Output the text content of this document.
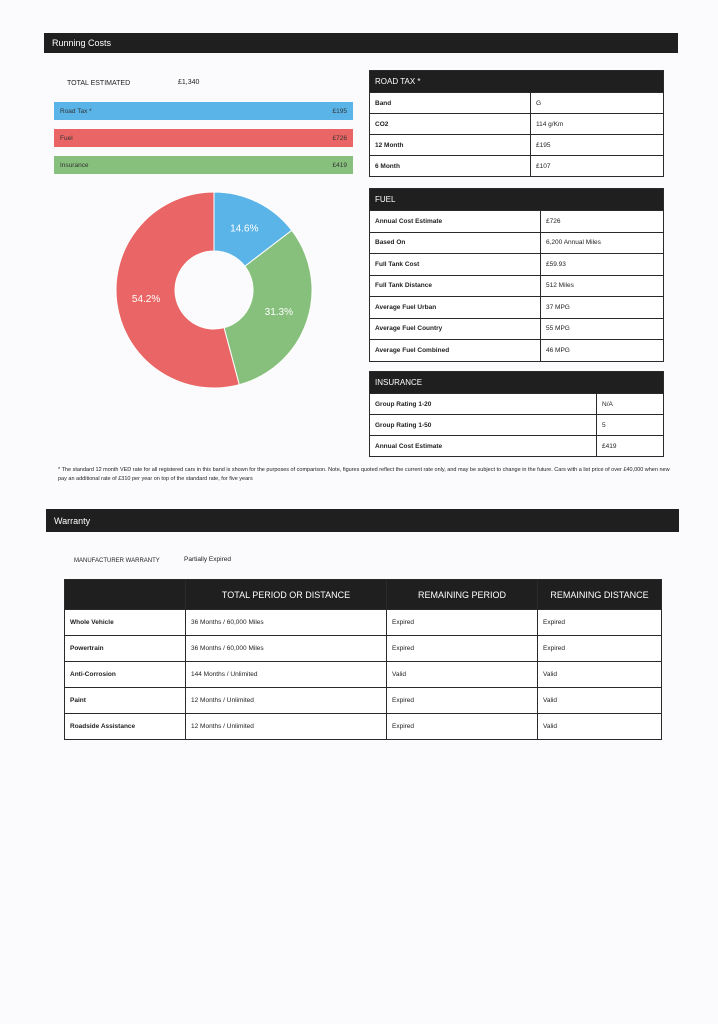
Running Costs
TOTAL ESTIMATED	£1,340
Road Tax *	£195
Fuel	£726
Insurance	£419
14.6%
31.3%
54.2%
ROAD TAX *	
Band	G
CO2	114 g/Km
12 Month	£195
6 Month	£107
FUEL	
Annual Cost Estimate	£726
Based On	6,200 Annual Miles
Full Tank Cost	£59.93
Full Tank Distance	512 Miles
Average Fuel Urban	37 MPG
Average Fuel Country	55 MPG
Average Fuel Combined	46 MPG
INSURANCE	
Group Rating 1-20	N/A
Group Rating 1-50	5
Annual Cost Estimate	£419
* The standard 12 month VED rate for all registered cars in this band is shown for the purposes of comparison. Note, figures quoted reflect the current rate only, and may be subject to change in the future. Cars with a list price of over £40,000 when new pay an additional rate of £310 per year on top of the standard rate, for five years
Warranty
MANUFACTURER WARRANTY	Partially Expired
	TOTAL PERIOD OR DISTANCE	REMAINING PERIOD	REMAINING DISTANCE
Whole Vehicle	36 Months / 60,000 Miles	Expired	Expired
Powertrain	36 Months / 60,000 Miles	Expired	Expired
Anti-Corrosion	144 Months / Unlimited	Valid	Valid
Paint	12 Months / Unlimited	Expired	Valid
Roadside Assistance	12 Months / Unlimited	Expired	Valid
